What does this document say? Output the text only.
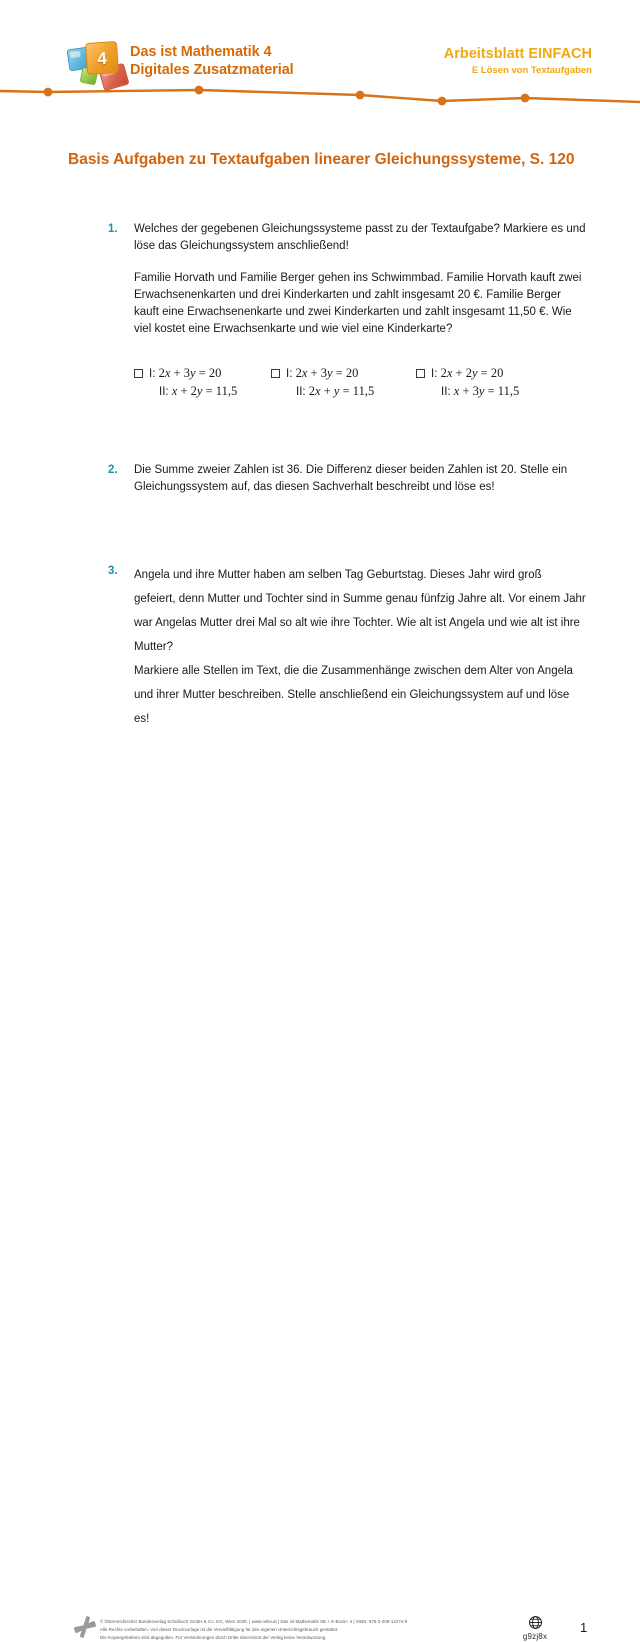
4 Das ist Mathematik 4
Digitales Zusatzmaterial
Arbeitsblatt EINFACH
E Lösen von Textaufgaben
Basis Aufgaben zu Textaufgaben linearer Gleichungssysteme, S. 120
1.	Welches der gegebenen Gleichungssysteme passt zu der Textaufgabe? Markiere es und löse das Gleichungssystem anschließend!

Familie Horvath und Familie Berger gehen ins Schwimmbad. Familie Horvath kauft zwei Erwachsenenkarten und drei Kinderkarten und zahlt insgesamt 20 €. Familie Berger kauft eine Erwachsenenkarte und zwei Kinderkarten und zahlt insgesamt 11,50 €. Wie viel kostet eine Erwachsenkarte und wie viel eine Kinderkarte?

I: 2x + 3y = 20
II: x + 2y = 11,5
I: 2x + 3y = 20
II: 2x + y = 11,5
I: 2x + 2y = 20
II: x + 3y = 11,5
2.	Die Summe zweier Zahlen ist 36. Die Differenz dieser beiden Zahlen ist 20. Stelle ein Gleichungssystem auf, das diesen Sachverhalt beschreibt und löse es!

3.	Angela und ihre Mutter haben am selben Tag Geburtstag. Dieses Jahr wird groß gefeiert, denn Mutter und Tochter sind in Summe genau fünfzig Jahre alt. Vor einem Jahr war Angelas Mutter drei Mal so alt wie ihre Tochter. Wie alt ist Angela und wie alt ist ihre Mutter?

Markiere alle Stellen im Text, die die Zusammenhänge zwischen dem Alter von Angela und ihrer Mutter beschreiben. Stelle anschließend ein Gleichungssystem auf und löse es!

© Österreichischer Bundesverlag Schulbuch GmbH & Co. KG, Wien 2025. | www.oebv.at | Das ist Mathematik SB + E-Book+ 4 | ISBN: 978-3-209-12274-9
Alle Rechte vorbehalten. Von dieser Druckvorlage ist die Vervielfältigung für den eigenen Unterrichtsgebrauch gestattet.
Die Kopiergebühren sind abgegolten. Für Veränderungen durch Dritte übernimmt der Verlag keine Verantwortung.	g9zj8x
1
